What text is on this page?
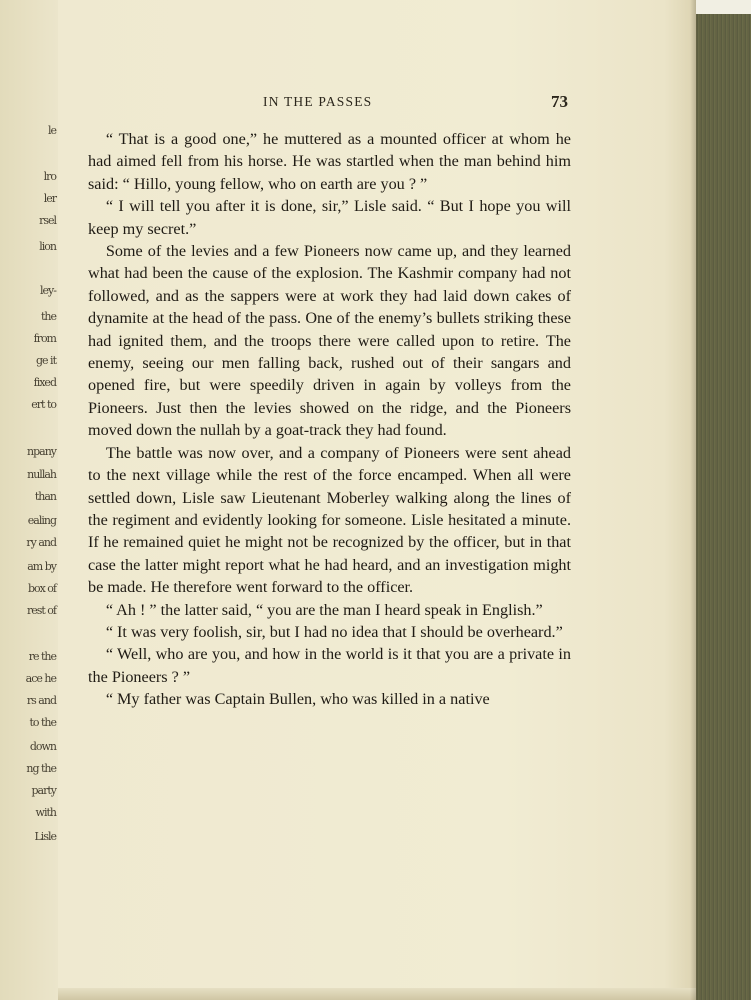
le
lro
ler
rsel
lion
ley-
the
from
ge it
fixed
ert to
npany
nullah
than
ealing
ry and
am by
box of
rest of
re the
ace he
rs and
to the
down
ng the
party
with
Lisle
IN THE PASSES	73

“ That is a good one,” he muttered as a mounted officer at whom he had aimed fell from his horse. He was startled when the man behind him said: “ Hillo, young fellow, who on earth are you ? ”

“ I will tell you after it is done, sir,” Lisle said. “ But I hope you will keep my secret.”

Some of the levies and a few Pioneers now came up, and they learned what had been the cause of the explosion. The Kashmir company had not followed, and as the sappers were at work they had laid down cakes of dynamite at the head of the pass. One of the enemy’s bullets striking these had ignited them, and the troops there were called upon to retire. The enemy, seeing our men falling back, rushed out of their sangars and opened fire, but were speedily driven in again by volleys from the Pioneers. Just then the levies showed on the ridge, and the Pioneers moved down the nullah by a goat-track they had found.

The battle was now over, and a company of Pioneers were sent ahead to the next village while the rest of the force encamped. When all were settled down, Lisle saw Lieutenant Moberley walking along the lines of the regiment and evidently looking for someone. Lisle hesitated a minute. If he remained quiet he might not be recognized by the officer, but in that case the latter might report what he had heard, and an investigation might be made. He therefore went forward to the officer.

“ Ah ! ” the latter said, “ you are the man I heard speak in English.”

“ It was very foolish, sir, but I had no idea that I should be overheard.”

“ Well, who are you, and how in the world is it that you are a private in the Pioneers ? ”

“ My father was Captain Bullen, who was killed in a native
